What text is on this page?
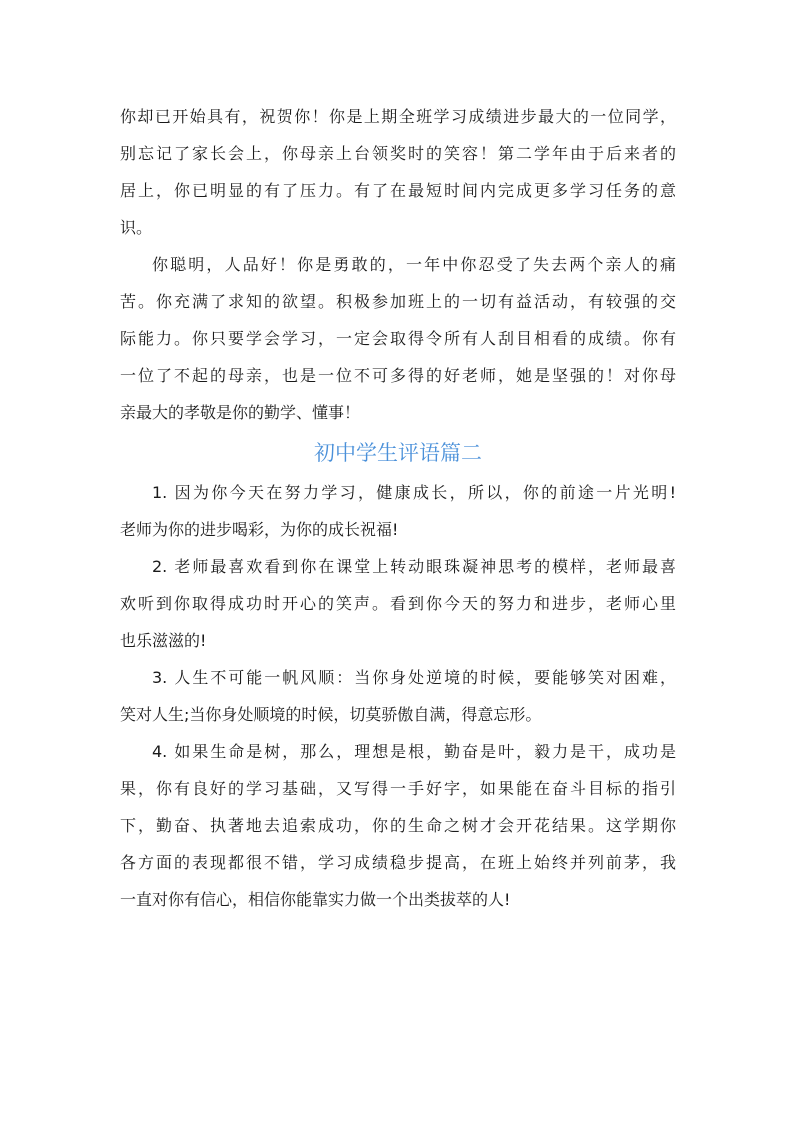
你却已开始具有，祝贺你！你是上期全班学习成绩进步最大的一位同学，
别忘记了家长会上，你母亲上台领奖时的笑容！第二学年由于后来者的
居上，你已明显的有了压力。有了在最短时间内完成更多学习任务的意
识。
你聪明，人品好！你是勇敢的，一年中你忍受了失去两个亲人的痛
苦。你充满了求知的欲望。积极参加班上的一切有益活动，有较强的交
际能力。你只要学会学习，一定会取得令所有人刮目相看的成绩。你有
一位了不起的母亲，也是一位不可多得的好老师，她是坚强的！对你母
亲最大的孝敬是你的勤学、懂事！
初中学生评语篇二
1. 因为你今天在努力学习，健康成长，所以，你的前途一片光明!
老师为你的进步喝彩，为你的成长祝福!
2. 老师最喜欢看到你在课堂上转动眼珠凝神思考的模样，老师最喜
欢听到你取得成功时开心的笑声。看到你今天的努力和进步，老师心里
也乐滋滋的!
3. 人生不可能一帆风顺：当你身处逆境的时候，要能够笑对困难，
笑对人生;当你身处顺境的时候，切莫骄傲自满，得意忘形。
4. 如果生命是树，那么，理想是根，勤奋是叶，毅力是干，成功是
果，你有良好的学习基础，又写得一手好字，如果能在奋斗目标的指引
下，勤奋、执著地去追索成功，你的生命之树才会开花结果。这学期你
各方面的表现都很不错，学习成绩稳步提高，在班上始终并列前茅，我
一直对你有信心，相信你能靠实力做一个出类拔萃的人!
